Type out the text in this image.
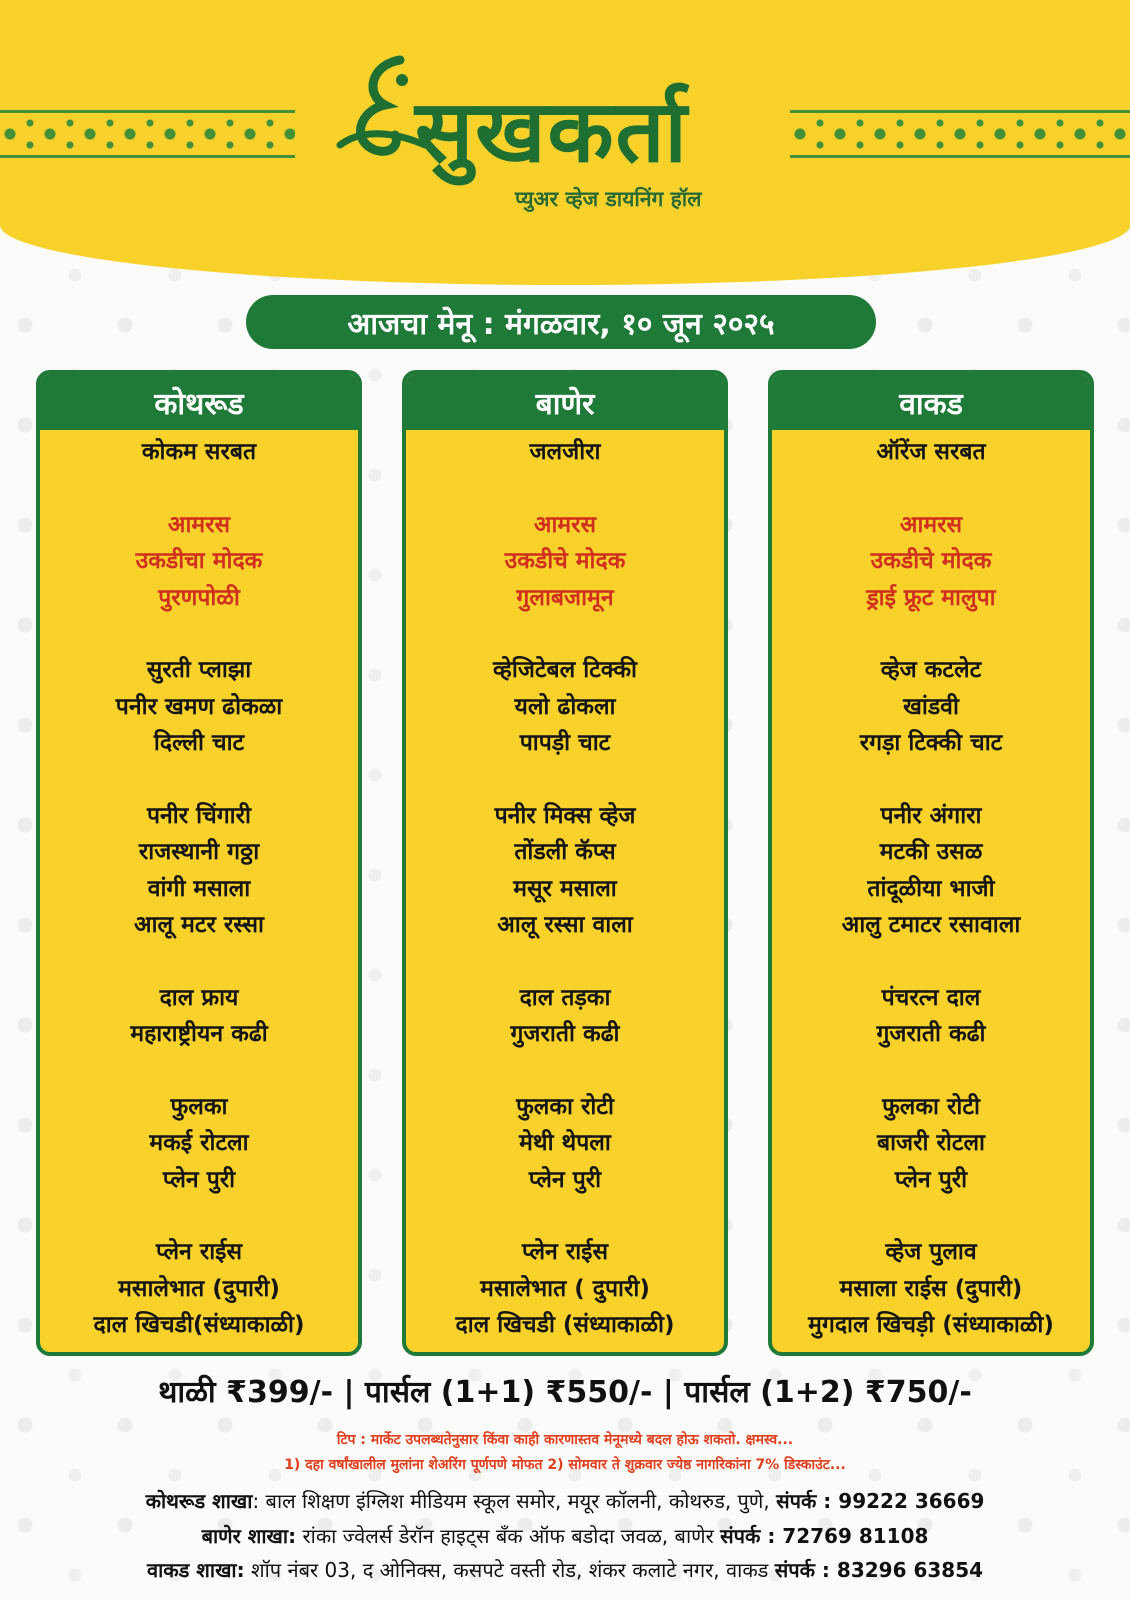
सुखकर्ता
प्युअर व्हेज डायनिंग हॉल
आजचा मेनू : मंगळवार, १० जून २०२५
कोथरूड
कोकम सरबत
आमरस
उकडीचा मोदक
पुरणपोळी
सुरती प्लाझा
पनीर खमण ढोकळा
दिल्ली चाट
पनीर चिंगारी
राजस्थानी गठ्ठा
वांगी मसाला
आलू मटर रस्सा
दाल फ्राय
महाराष्ट्रीयन कढी
फुलका
मकई रोटला
प्लेन पुरी
प्लेन राईस
मसालेभात (दुपारी)
दाल खिचडी(संध्याकाळी)
बाणेर
जलजीरा
आमरस
उकडीचे मोदक
गुलाबजामून
व्हेजिटेबल टिक्की
यलो ढोकला
पापड़ी चाट
पनीर मिक्स व्हेज
तोंडली कॅप्स
मसूर मसाला
आलू रस्सा वाला
दाल तड़का
गुजराती कढी
फुलका रोटी
मेथी थेपला
प्लेन पुरी
प्लेन राईस
मसालेभात ( दुपारी)
दाल खिचडी (संध्याकाळी)
वाकड
ऑरेंज सरबत
आमरस
उकडीचे मोदक
ड्राई फ्रूट मालुपा
व्हेज कटलेट
खांडवी
रगड़ा टिक्की चाट
पनीर अंगारा
मटकी उसळ
तांदूळीया भाजी
आलु टमाटर रसावाला
पंचरत्न दाल
गुजराती कढी
फुलका रोटी
बाजरी रोटला
प्लेन पुरी
व्हेज पुलाव
मसाला राईस (दुपारी)
मुगदाल खिचड़ी (संध्याकाळी)
थाळी ₹399/- | पार्सल (1+1) ₹550/- | पार्सल (1+2) ₹750/-
टिप : मार्केट उपलब्धतेनुसार किंवा काही कारणास्तव मेनूमध्ये बदल होऊ शकतो. क्षमस्व...
1) दहा वर्षांखालील मुलांना शेअरिंग पूर्णपणे मोफत 2) सोमवार ते शुक्रवार ज्येष्ठ नागरिकांना 7% डिस्काउंट...
कोथरूड शाखा: बाल शिक्षण इंग्लिश मीडियम स्कूल समोर, मयूर कॉलनी, कोथरुड, पुणे, संपर्क : 99222 36669
बाणेर शाखा: रांका ज्वेलर्स डेरॉन हाइट्स बँक ऑफ बडोदा जवळ, बाणेर संपर्क : 72769 81108
वाकड शाखा: शॉप नंबर 03, द ओनिक्स, कसपटे वस्ती रोड, शंकर कलाटे नगर, वाकड संपर्क : 83296 63854
